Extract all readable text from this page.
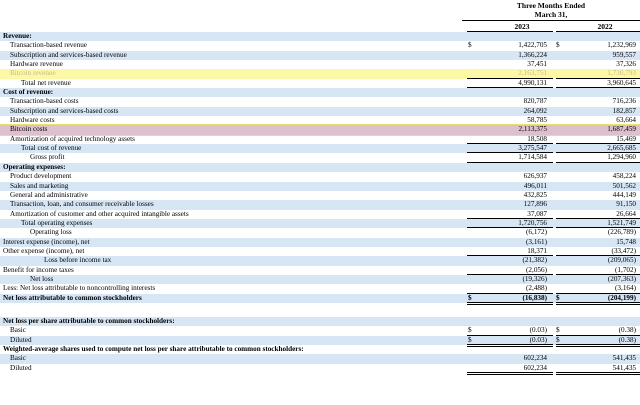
Three Months Ended
March 31,
2023	2022
Revenue:
Transaction-based revenue	$	1,422,705 $	1,232,969
Subscription and services-based revenue	1,366,224	959,557
Hardware revenue	37,451	37,326
Bitcoin revenue	2,163,751	1,730,793
Total net revenue	4,990,131	3,960,645
Cost of revenue:
Transaction-based costs	820,787	716,236
Subscription and services-based costs	264,092	182,857
Hardware costs	58,785	63,664
Bitcoin costs	2,113,375	1,687,459
Amortization of acquired technology assets	18,508	15,469
Total cost of revenue	3,275,547	2,665,685
Gross profit	1,714,584	1,294,960
Operating expenses:
Product development	626,937	458,224
Sales and marketing	496,011	501,562
General and administrative	432,825	444,149
Transaction, loan, and consumer receivable losses	127,896	91,150
Amortization of customer and other acquired intangible assets	37,087	26,664
Total operating expenses	1,720,756	1,521,749
Operating loss	(6,172)	(226,789)
Interest expense (income), net	(3,161)	15,748
Other expense (income), net	18,371	(33,472)
Loss before income tax	(21,382)	(209,065)
Benefit for income taxes	(2,056)	(1,702)
Net loss	(19,326)	(207,363)
Less: Net loss attributable to noncontrolling interests	(2,488)	(3,164)
Net loss attributable to common stockholders	$	(16,838) $	(204,199)
Net loss per share attributable to common stockholders:
Basic	$	(0.03) $	(0.38)
Diluted	$	(0.03) $	(0.38)
Weighted-average shares used to compute net loss per share attributable to common stockholders:
Basic	602,234	541,435
Diluted	602,234	541,435
